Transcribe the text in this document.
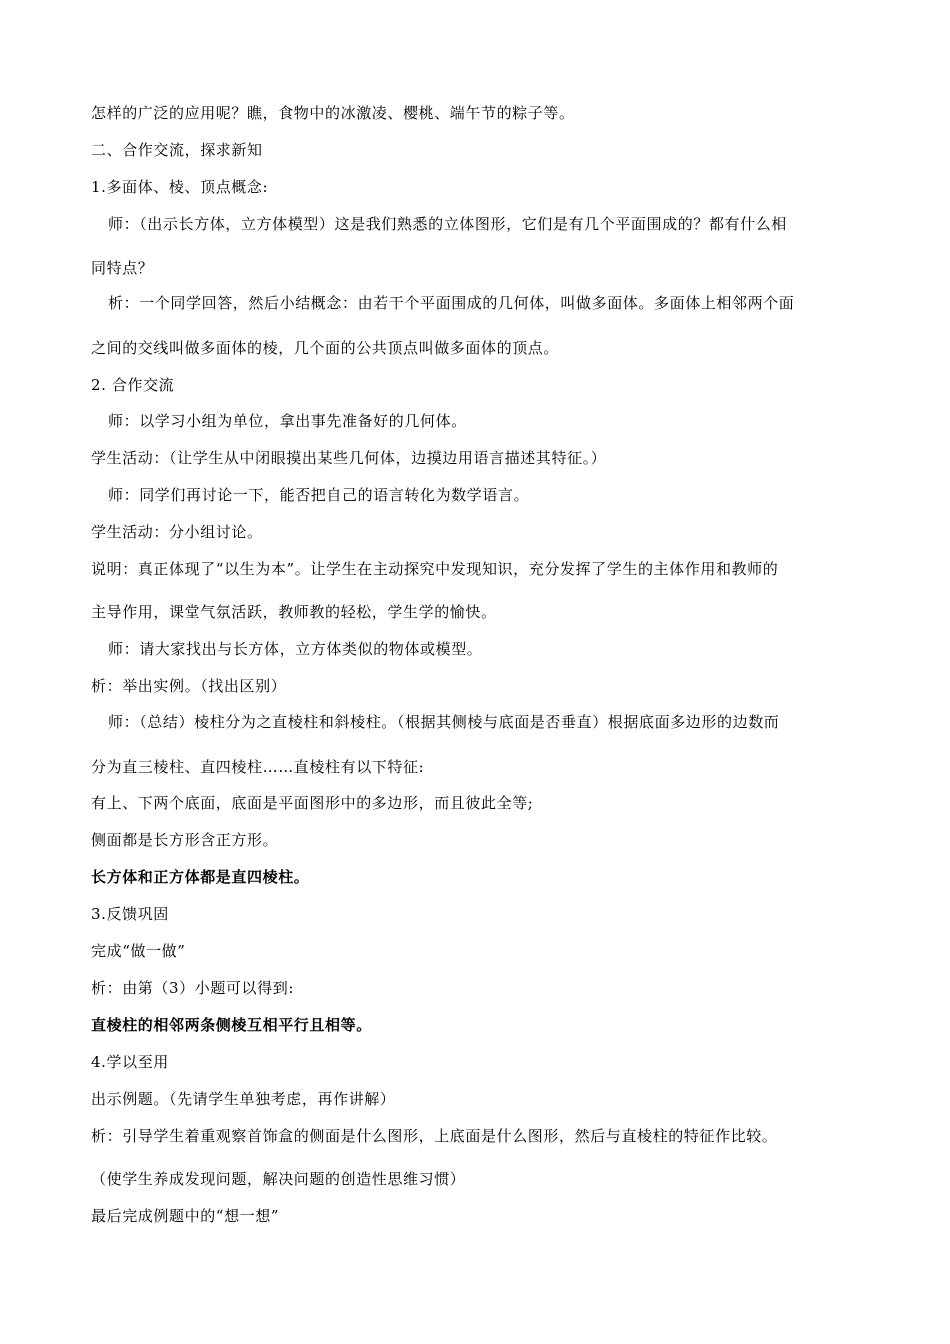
怎样的广泛的应用呢？瞧，食物中的冰激凌、樱桃、端午节的粽子等。
二、合作交流，探求新知
1.多面体、棱、顶点概念:
师：（出示长方体，立方体模型）这是我们熟悉的立体图形，它们是有几个平面围成的？都有什么相
同特点？
析：一个同学回答，然后小结概念：由若干个平面围成的几何体，叫做多面体。多面体上相邻两个面
之间的交线叫做多面体的棱，几个面的公共顶点叫做多面体的顶点。
2. 合作交流
师：以学习小组为单位，拿出事先准备好的几何体。
学生活动：（让学生从中闭眼摸出某些几何体，边摸边用语言描述其特征。）
师：同学们再讨论一下，能否把自己的语言转化为数学语言。
学生活动：分小组讨论。
说明：真正体现了“以生为本”。让学生在主动探究中发现知识，充分发挥了学生的主体作用和教师的
主导作用，课堂气氛活跃，教师教的轻松，学生学的愉快。
师：请大家找出与长方体，立方体类似的物体或模型。
析：举出实例。（找出区别）
师：（总结）棱柱分为之直棱柱和斜棱柱。（根据其侧棱与底面是否垂直）根据底面多边形的边数而
分为直三棱柱、直四棱柱……直棱柱有以下特征:
有上、下两个底面，底面是平面图形中的多边形，而且彼此全等;
侧面都是长方形含正方形。
长方体和正方体都是直四棱柱。
3.反馈巩固
完成“做一做”
析：由第（3）小题可以得到:
直棱柱的相邻两条侧棱互相平行且相等。
4.学以至用
出示例题。（先请学生单独考虑，再作讲解）
析：引导学生着重观察首饰盒的侧面是什么图形，上底面是什么图形，然后与直棱柱的特征作比较。
（使学生养成发现问题，解决问题的创造性思维习惯）
最后完成例题中的“想一想”
